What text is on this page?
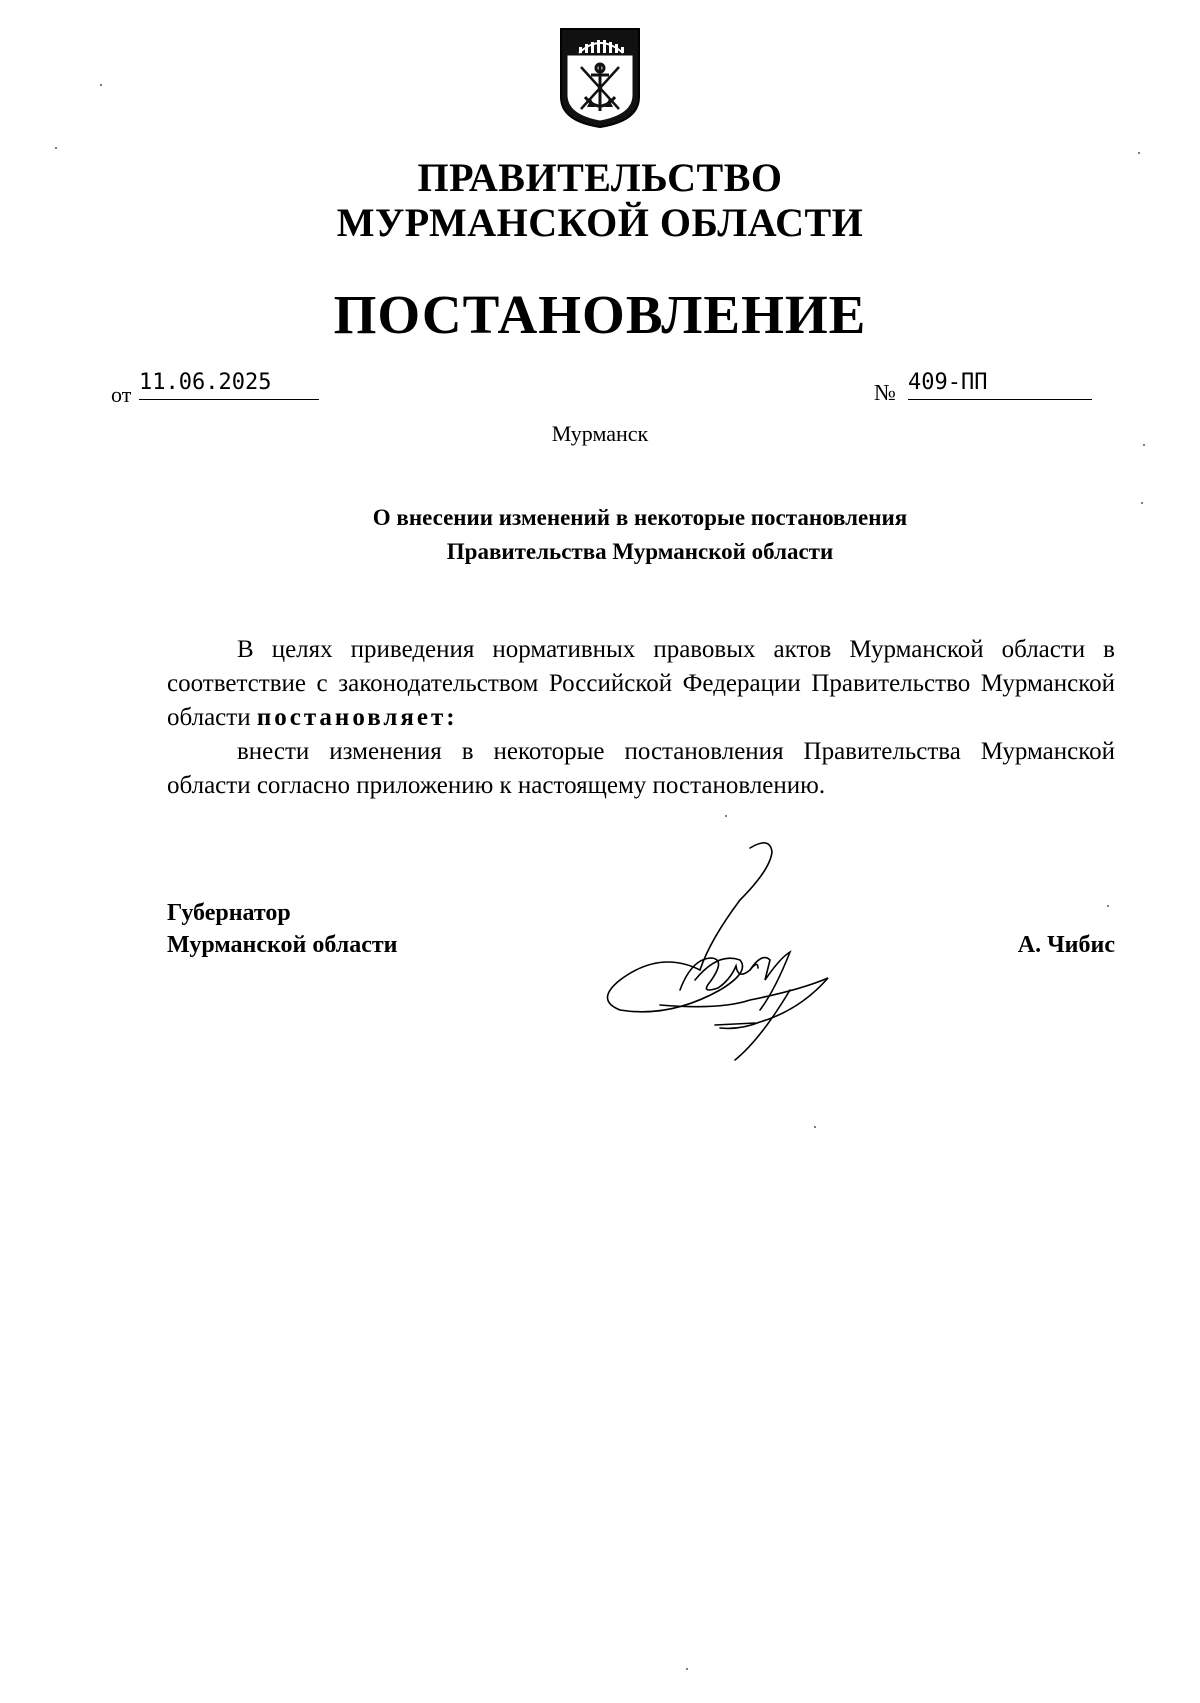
ПРАВИТЕЛЬСТВО
МУРМАНСКОЙ ОБЛАСТИ
ПОСТАНОВЛЕНИЕ
от 11.06.2025	№ 409-ПП
Мурманск
О внесении изменений в некоторые постановления
Правительства Мурманской области

В целях приведения нормативных правовых актов Мурманской области в соответствие с законодательством Российской Федерации Правительство Мурманской области постановляет:

внести изменения в некоторые постановления Правительства Мурманской области согласно приложению к настоящему постановлению.

Губернатор
Мурманской области	А. Чибис
